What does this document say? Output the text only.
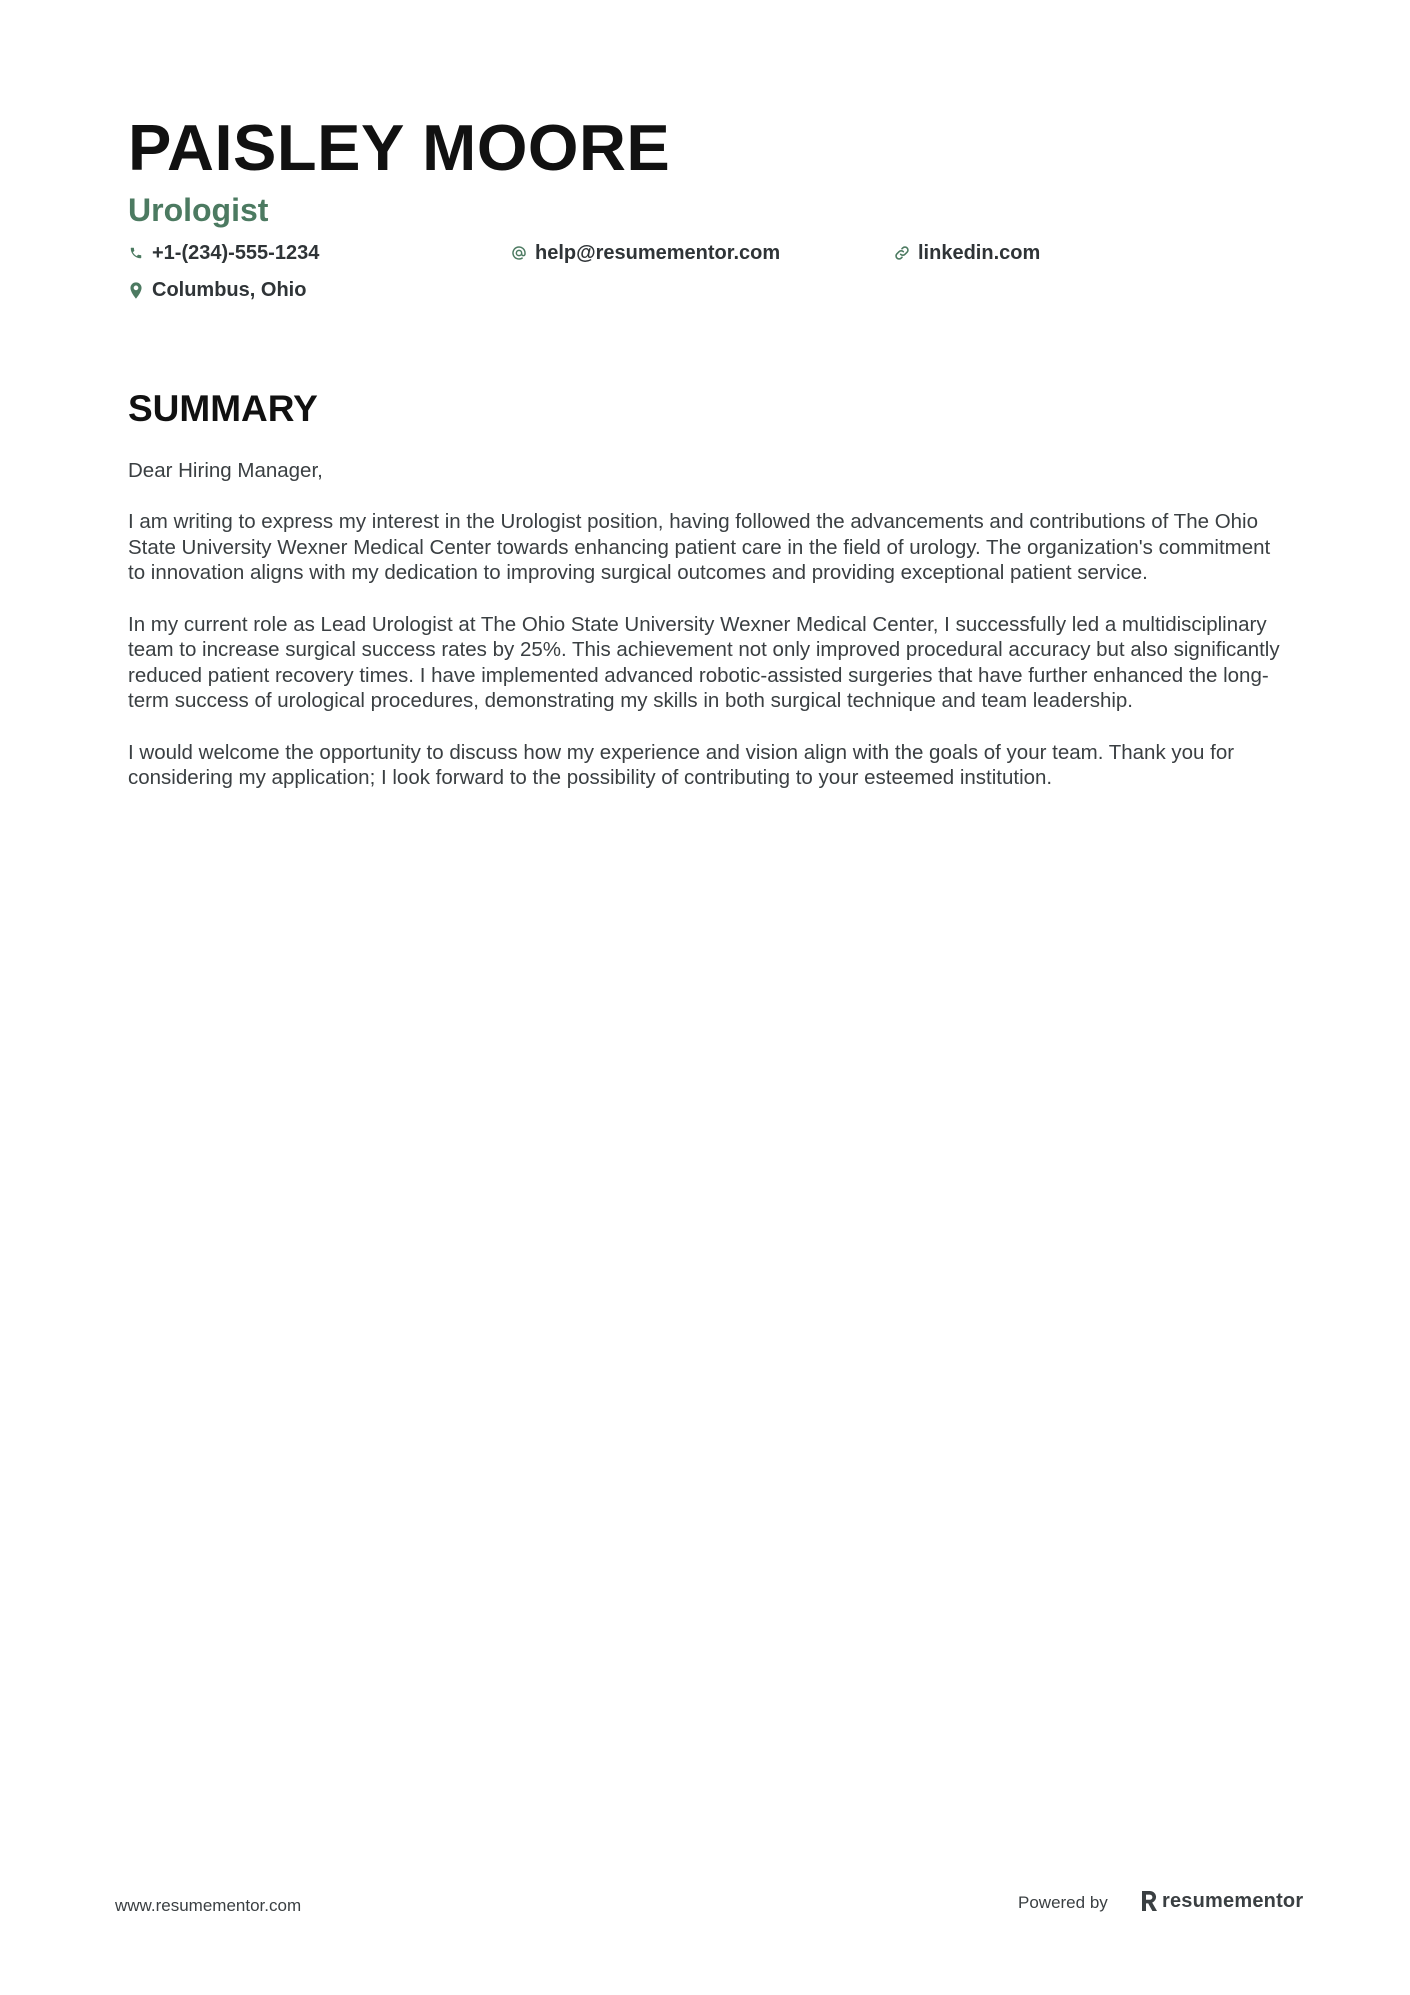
PAISLEY MOORE
Urologist
+1-(234)-555-1234	help@resumementor.com	linkedin.com
Columbus, Ohio
SUMMARY

Dear Hiring Manager,

I am writing to express my interest in the Urologist position, having followed the advancements and contributions of The Ohio State University Wexner Medical Center towards enhancing patient care in the field of urology. The organization's commitment to innovation aligns with my dedication to improving surgical outcomes and providing exceptional patient service.

In my current role as Lead Urologist at The Ohio State University Wexner Medical Center, I successfully led a multidisciplinary team to increase surgical success rates by 25%. This achievement not only improved procedural accuracy but also significantly reduced patient recovery times. I have implemented advanced robotic-assisted surgeries that have further enhanced the long-term success of urological procedures, demonstrating my skills in both surgical technique and team leadership.

I would welcome the opportunity to discuss how my experience and vision align with the goals of your team. Thank you for considering my application; I look forward to the possibility of contributing to your esteemed institution.

www.resumementor.com	Powered by	resumementor
